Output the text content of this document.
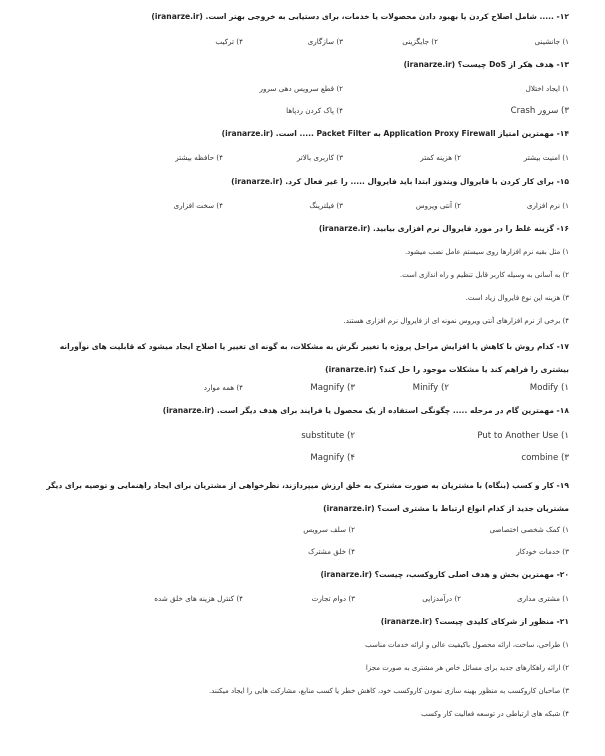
۱۲- ..... شامل اصلاح کردن یا بهبود دادن محصولات یا خدمات، برای دستیابی به خروجی بهتر است. (iranarze.ir)
۱) جانشینی
۲) جایگزینی
۳) سازگاری
۴) ترکیب
۱۳- هدف هکر از DoS چیست؟ (iranarze.ir)
۱) ایجاد اختلال
۲) قطع سرویس دهی سرور
۳) سرور Crash
۴) پاک کردن ردپاها
۱۴- مهمترین امتیاز Application Proxy Firewall به Packet Filter ..... است. (iranarze.ir)
۱) امنیت بیشتر
۲) هزینه کمتر
۳) کاربری بالاتر
۴) حافظه بیشتر
۱۵- برای کار کردن با فایروال ویندوز ابتدا باید فایروال ..... را غیر فعال کرد. (iranarze.ir)
۱) نرم افزاری
۲) آنتی ویروس
۳) فیلترینگ
۴) سخت افزاری
۱۶- گزینه غلط را در مورد فایروال نرم افزاری بیابید. (iranarze.ir)
۱) مثل بقیه نرم افزارها روی سیستم عامل نصب میشود.
۲) به آسانی به وسیله کاربر قابل تنظیم و راه اندازی است.
۳) هزینه این نوع فایروال زیاد است.
۴) برخی از نرم افزارهای آنتی ویروس نمونه ای از فایروال نرم افزاری هستند.
۱۷- کدام روش با کاهش یا افزایش مراحل پروژه یا تغییر نگرش به مشکلات، به گونه ای تغییر یا اصلاح ایجاد میشود که قابلیت های نوآورانه بیشتری را فراهم کند یا مشکلات موجود را حل کند؟ (iranarze.ir)
۱) Modify
۲) Minify
۳) Magnify
۴) همه موارد
۱۸- مهمترین گام در مرحله ..... چگونگی استفاده از یک محصول یا فرایند برای هدف دیگر است. (iranarze.ir)
۱) Put to Another Use
۲) substitute
۳) combine
۴) Magnify
۱۹- کار و کسب (بنگاه) با مشتریان به صورت مشترک به خلق ارزش میپردازند، نظرخواهی از مشتریان برای ایجاد راهنمایی و توصیه برای دیگر مشتریان جدید از کدام انواع ارتباط با مشتری است؟ (iranarze.ir)
۱) کمک شخصی اختصاصی
۲) سلف سرویس
۳) خدمات خودکار
۴) خلق مشترک
۲۰- مهمترین بخش و هدف اصلی کاروکسب، چیست؟ (iranarze.ir)
۱) مشتری مداری
۲) درآمدزایی
۳) دوام تجارت
۴) کنترل هزینه های خلق شده
۲۱- منظور از شرکای کلیدی چیست؟ (iranarze.ir)
۱) طراحی، ساخت، ارائه محصول باکیفیت عالی و ارائه خدمات مناسب
۲) ارائه راهکارهای جدید برای مسائل خاص هر مشتری به صورت مجزا
۳) صاحبان کاروکسب به منظور بهینه سازی نمودن کاروکسب خود، کاهش خطر یا کسب منابع، مشارکت هایی را ایجاد میکنند.
۴) شبکه های ارتباطی در توسعه فعالیت کار وکسب
